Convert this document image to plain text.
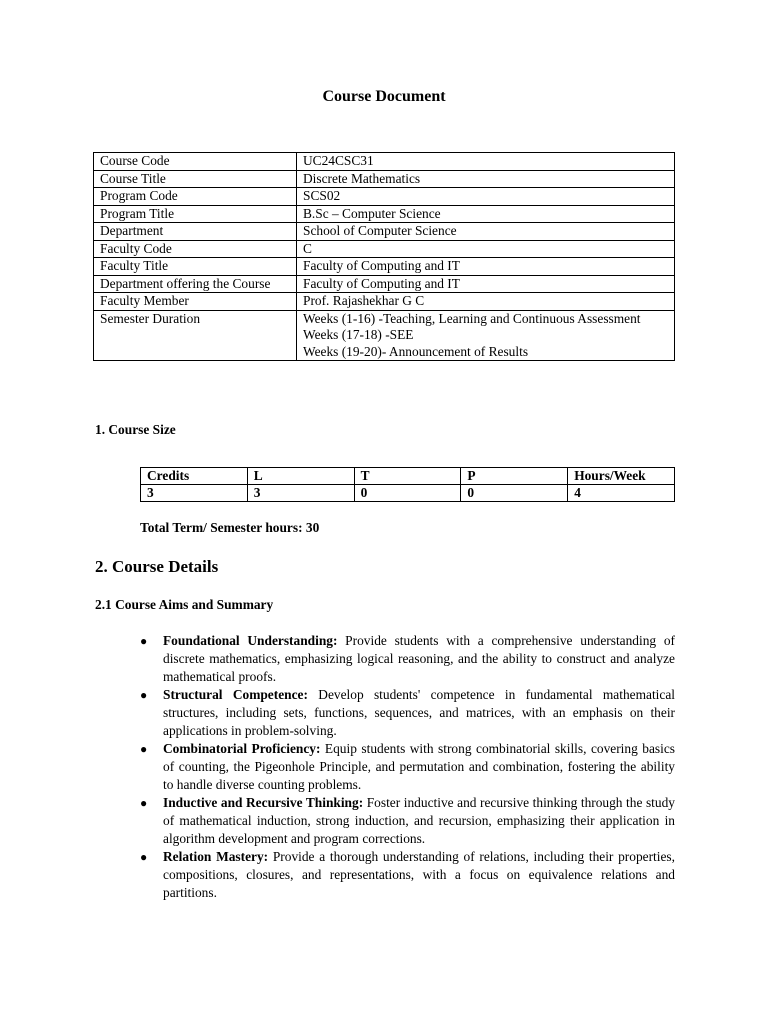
Course Document
Course Code	UC24CSC31

Course Title	Discrete Mathematics

Program Code	SCS02

Program Title	B.Sc – Computer Science

Department	School of Computer Science

Faculty Code	C

Faculty Title	Faculty of Computing and IT

Department offering the Course	Faculty of Computing and IT

Faculty Member	Prof. Rajashekhar G C

Semester Duration	Weeks (1-16) -Teaching, Learning and Continuous Assessment
Weeks (17-18) -SEE
Weeks (19-20)- Announcement of Results

1. Course Size

Credits	L	T	P	Hours/Week
3	3	0	0	4

Total Term/ Semester hours: 30

2. Course Details

2.1 Course Aims and Summary

● Foundational Understanding: Provide students with a comprehensive understanding of discrete mathematics, emphasizing logical reasoning, and the ability to construct and analyze mathematical proofs.
● Structural Competence: Develop students' competence in fundamental mathematical structures, including sets, functions, sequences, and matrices, with an emphasis on their applications in problem-solving.
● Combinatorial Proficiency: Equip students with strong combinatorial skills, covering basics of counting, the Pigeonhole Principle, and permutation and combination, fostering the ability to handle diverse counting problems.
● Inductive and Recursive Thinking: Foster inductive and recursive thinking through the study of mathematical induction, strong induction, and recursion, emphasizing their application in algorithm development and program corrections.
● Relation Mastery: Provide a thorough understanding of relations, including their properties, compositions, closures, and representations, with a focus on equivalence relations and partitions.
